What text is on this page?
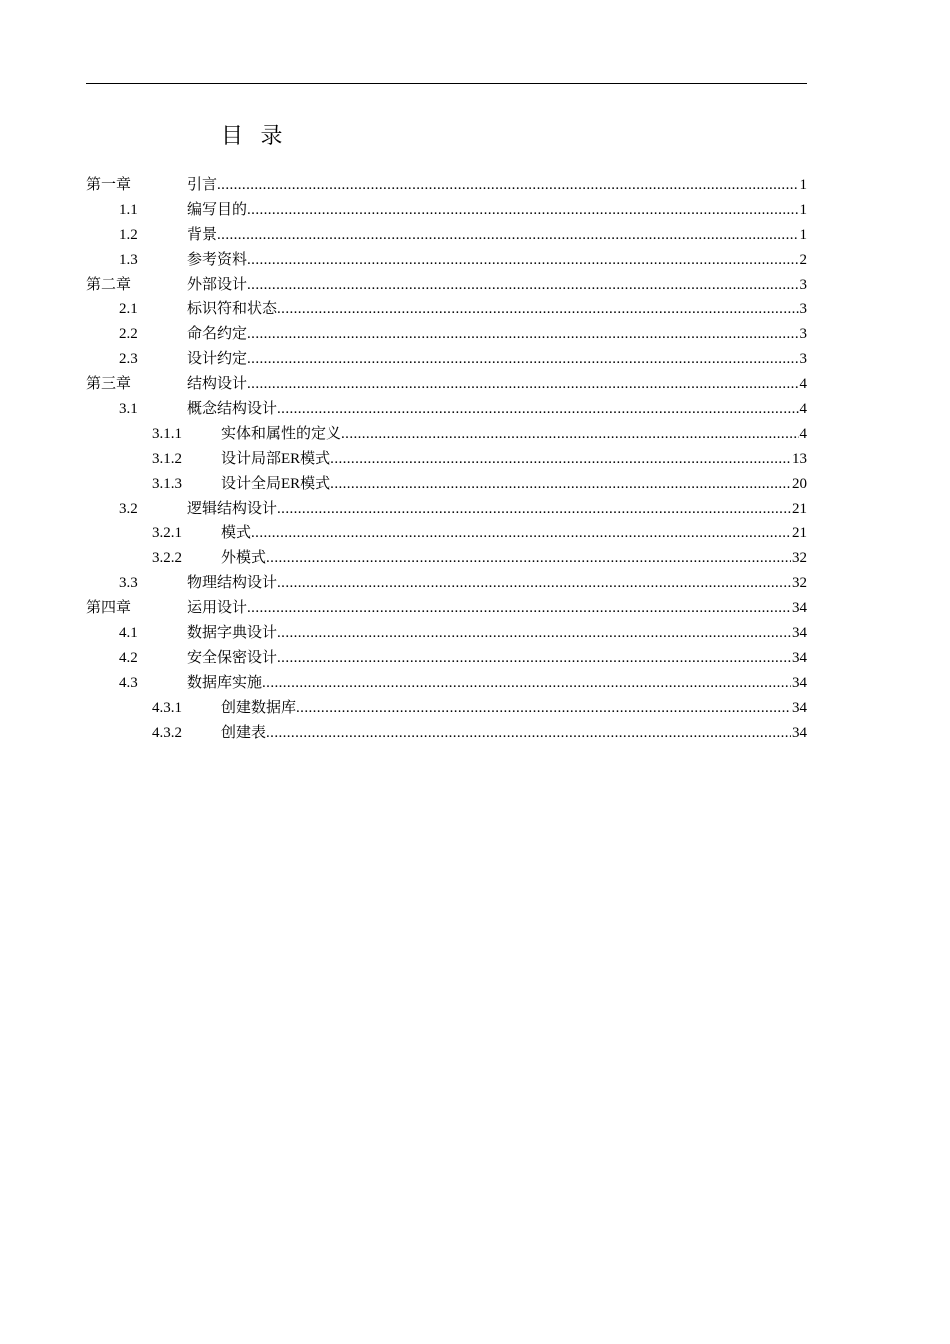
目 录
第一章	引言 .....	1
1.1	编写目的 .....	1
1.2	背景 .....	1
1.3	参考资料 .....	2
第二章	外部设计 .....	3
2.1	标识符和状态 .....	3
2.2	命名约定 .....	3
2.3	设计约定 .....	3
第三章	结构设计 .....	4
3.1	概念结构设计 .....	4
3.1.1	实体和属性的定义 .....	4
3.1.2	设计局部ER模式 .....	13
3.1.3	设计全局ER模式 .....	20
3.2	逻辑结构设计 .....	21
3.2.1	模式 .....	21
3.2.2	外模式 .....	32
3.3	物理结构设计 .....	32
第四章	运用设计 .....	34
4.1	数据字典设计 .....	34
4.2	安全保密设计 .....	34
4.3	数据库实施 .....	34
4.3.1	创建数据库 .....	34
4.3.2	创建表 .....	34
